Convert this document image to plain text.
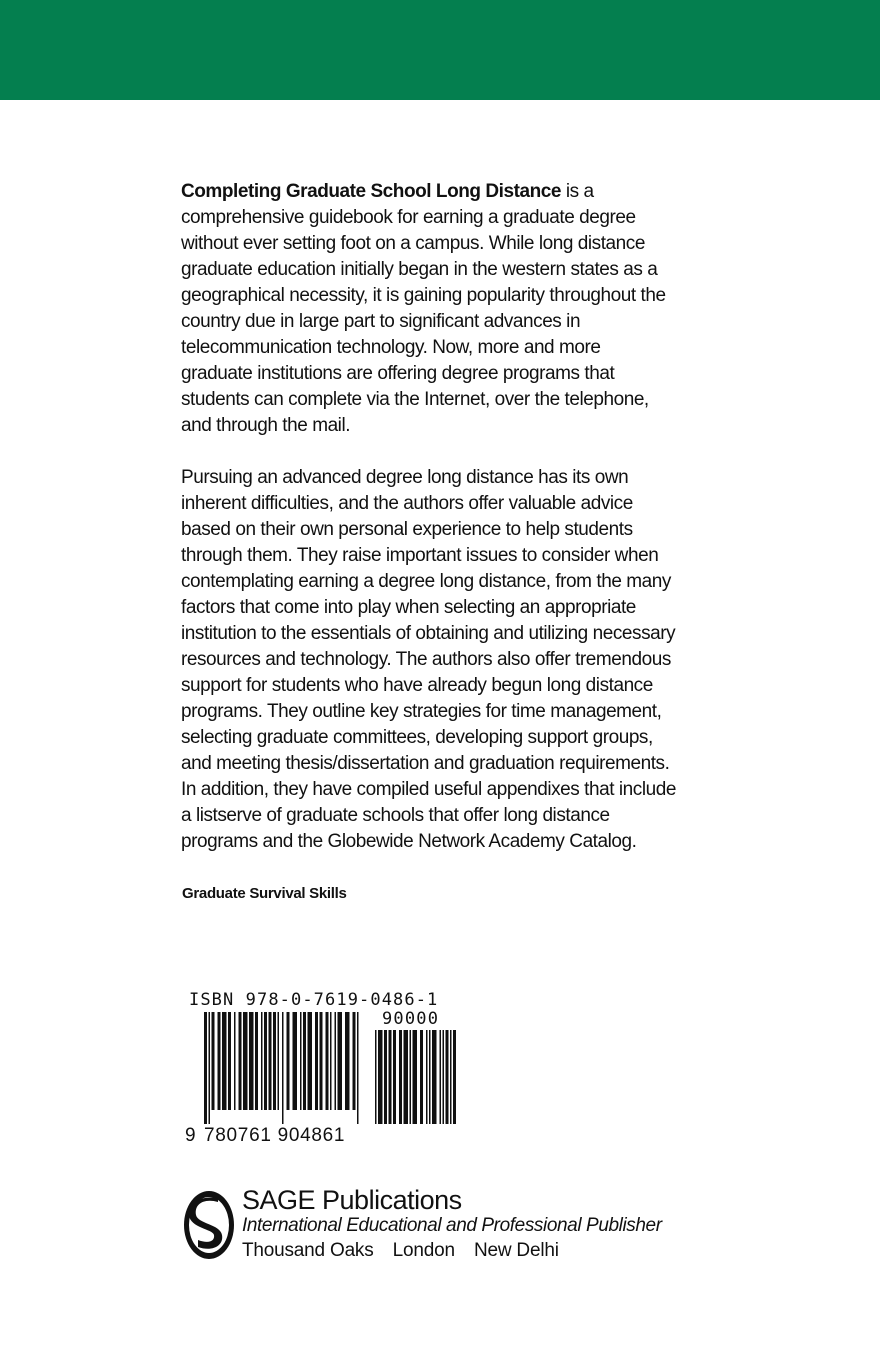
Completing Graduate School Long Distance is a comprehensive guidebook for earning a graduate degree without ever setting foot on a campus. While long distance graduate education initially began in the western states as a geographical necessity, it is gaining popularity throughout the country due in large part to significant advances in telecommunication technology. Now, more and more graduate institutions are offering degree programs that students can complete via the Internet, over the telephone, and through the mail.

Pursuing an advanced degree long distance has its own inherent difficulties, and the authors offer valuable advice based on their own personal experience to help students through them. They raise important issues to consider when contemplating earning a degree long distance, from the many factors that come into play when selecting an appropriate institution to the essentials of obtaining and utilizing necessary resources and technology. The authors also offer tremendous support for students who have already begun long distance programs. They outline key strategies for time management, selecting graduate committees, developing support groups, and meeting thesis/dissertation and graduation requirements. In addition, they have compiled useful appendixes that include a listserve of graduate schools that offer long distance programs and the Globewide Network Academy Catalog.

Graduate Survival Skills
ISBN 978-0-7619-0486-1
90000
9 780761 904861
SAGE Publications
International Educational and Professional Publisher
Thousand Oaks London New Delhi
